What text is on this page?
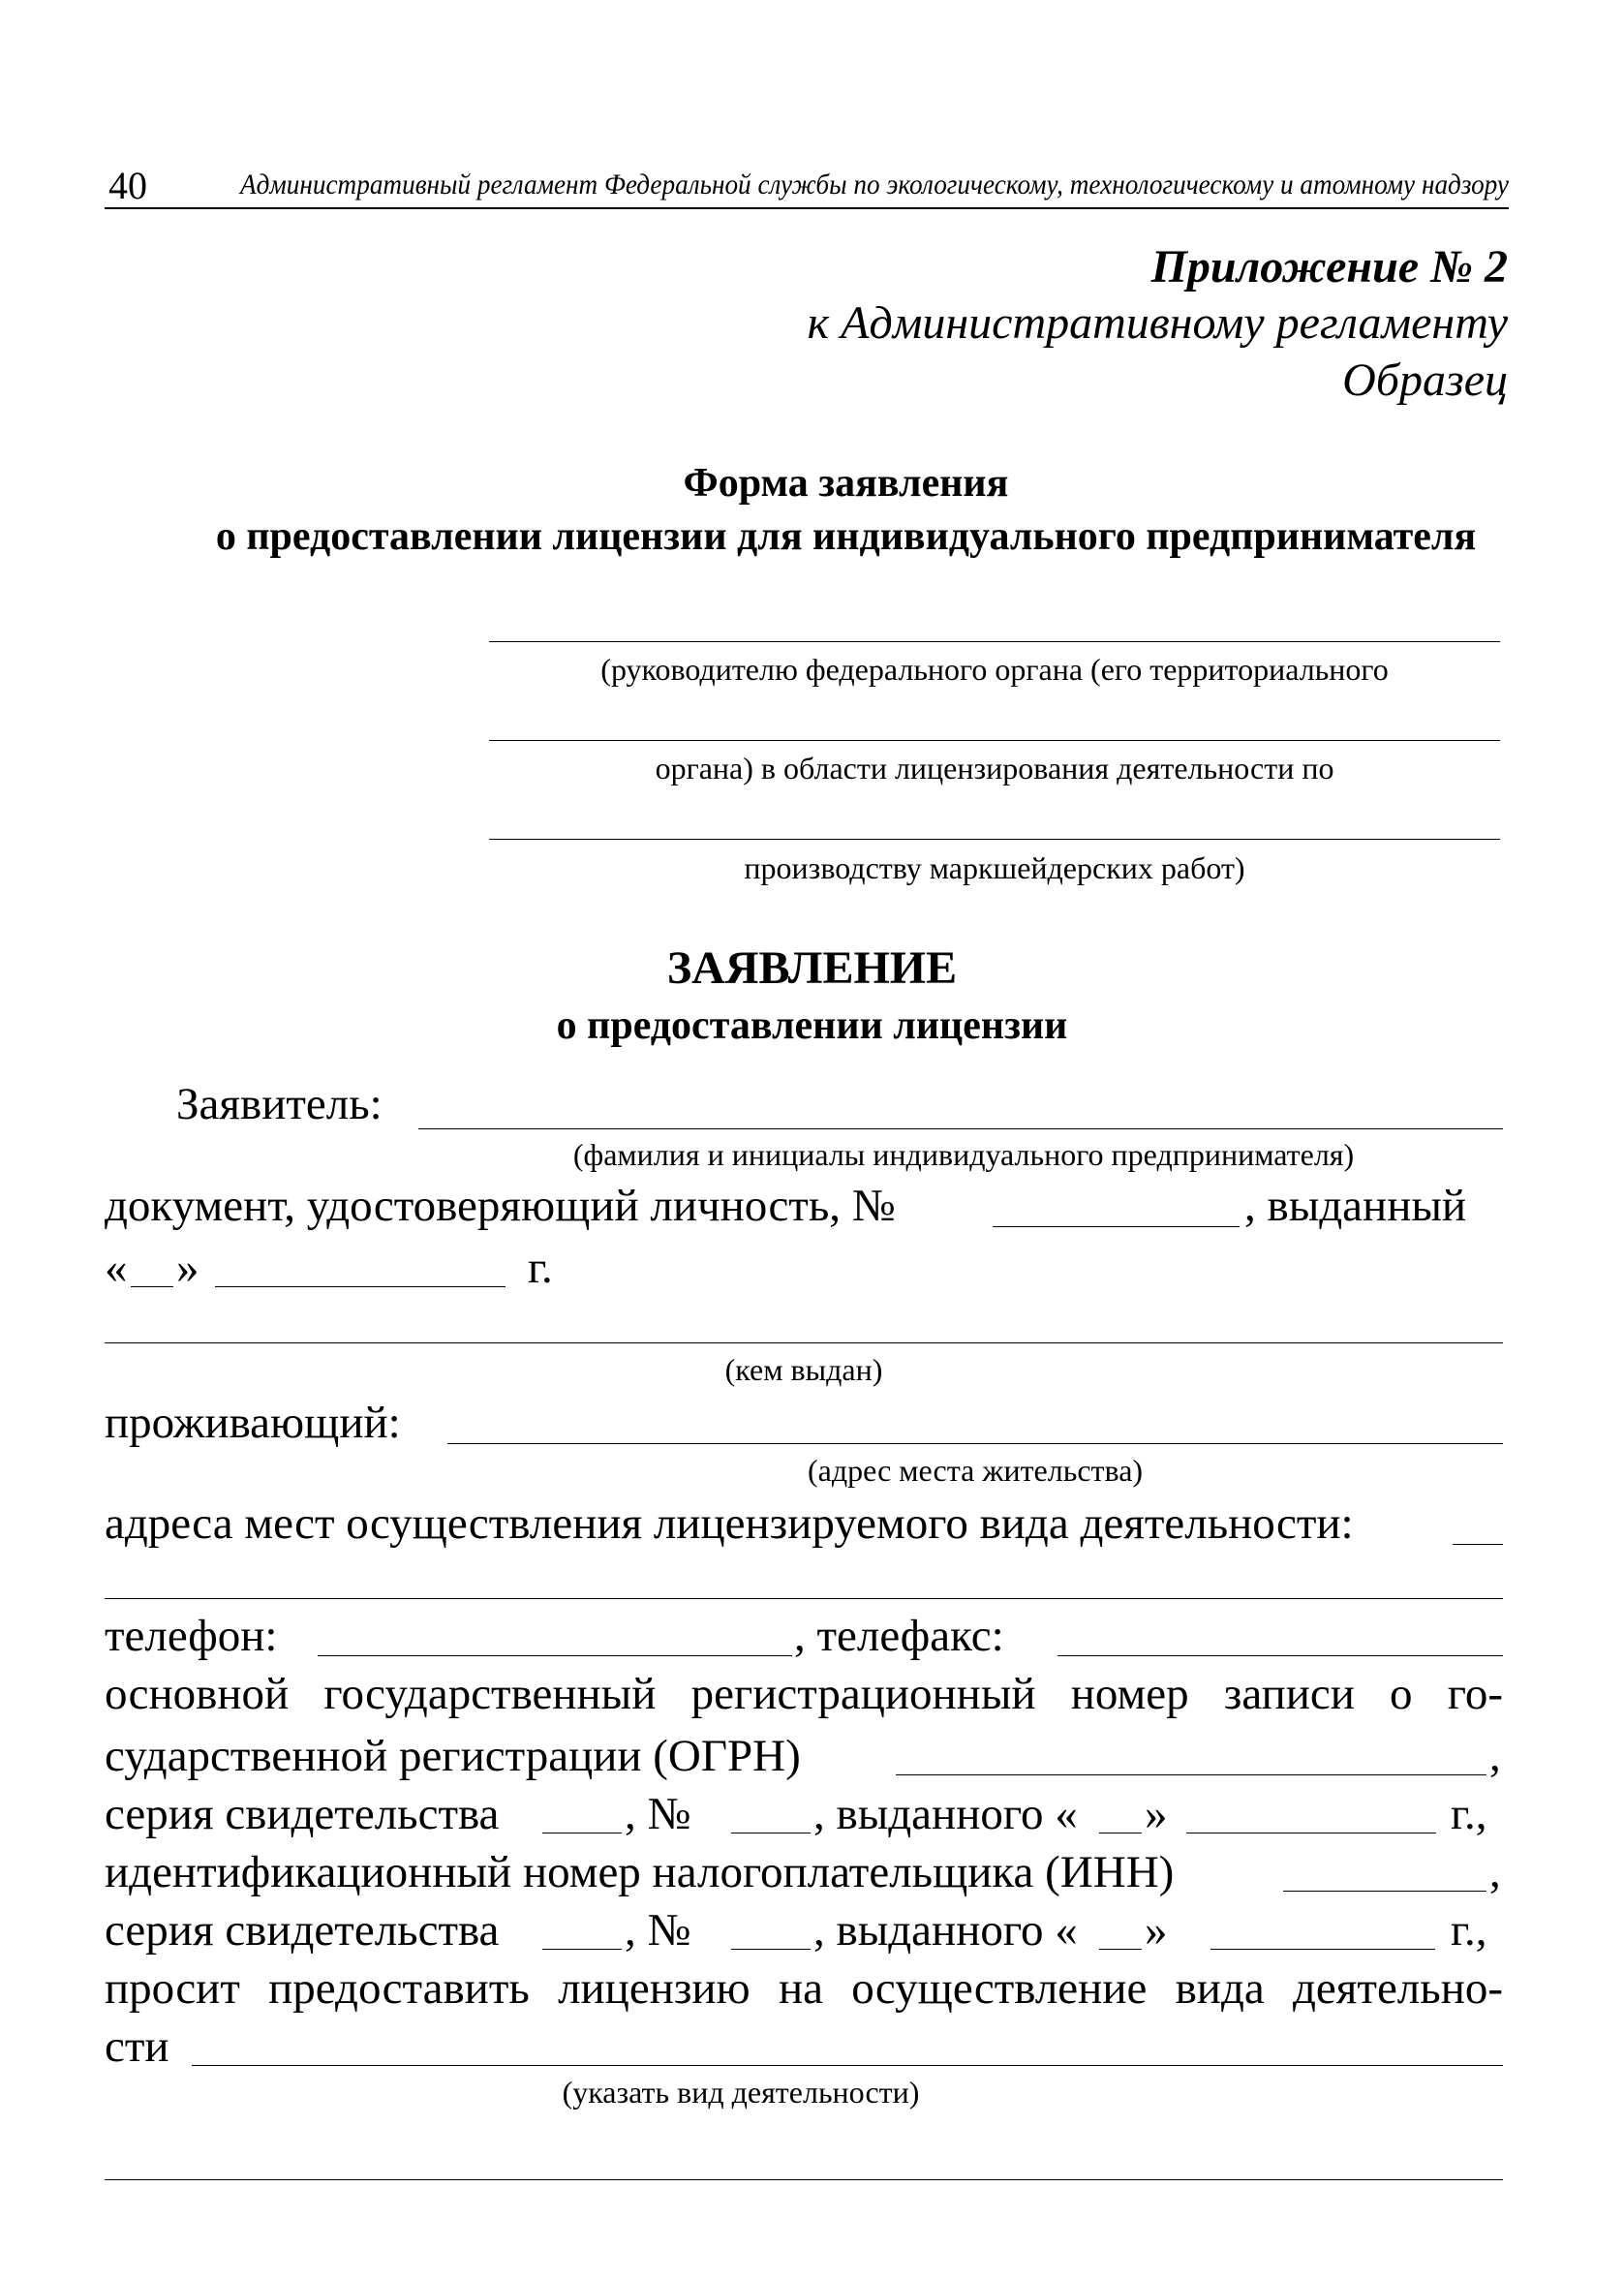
40	Административный регламент Федеральной службы по экологическому, технологическому и атомному надзору
Приложение № 2
к Административному регламенту
Образец
Форма заявления
о предоставлении лицензии для индивидуального предпринимателя
(руководителю федерального органа (его территориального
органа) в области лицензирования деятельности по
производству маркшейдерских работ)
ЗАЯВЛЕНИЕ
о предоставлении лицензии
Заявитель:
(фамилия и инициалы индивидуального предпринимателя)
документ, удостоверяющий личность, №	, выданный
« »	г.
(кем выдан)
проживающий:
(адрес места жительства)
адреса мест осуществления лицензируемого вида деятельности:
телефон:	, телефакс:
основной государственный регистрационный номер записи о го-
сударственной регистрации (ОГРН)	,
серия свидетельства	, №	, выданного « »	г.,
идентификационный номер налогоплательщика (ИНН)	,
серия свидетельства	, №	, выданного « »	г.,
просит предоставить лицензию на осуществление вида деятельно-
сти
(указать вид деятельности)
